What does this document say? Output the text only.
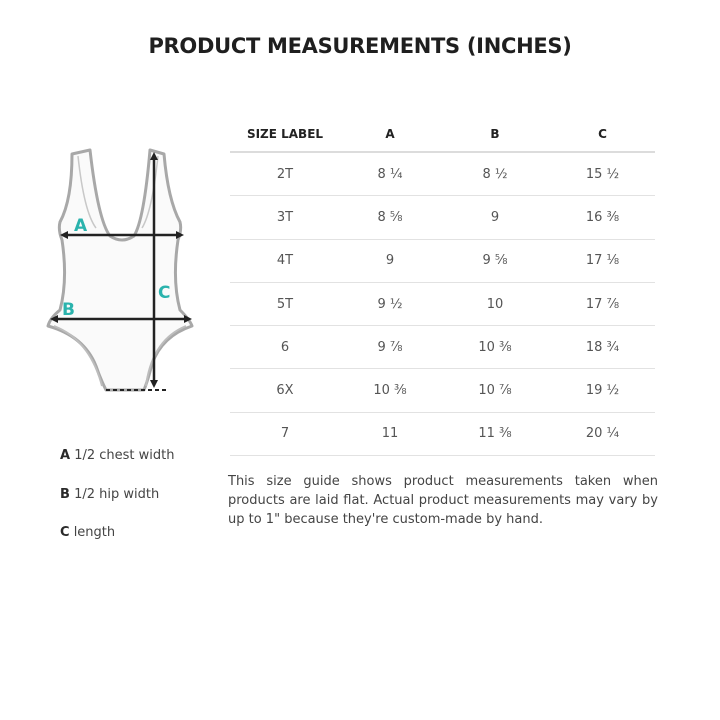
PRODUCT MEASUREMENTS (INCHES)
A
B
C
A 1/2 chest width
B 1/2 hip width
C length
SIZE LABEL	A	B	C
2T	8 ¼	8 ½	15 ½
3T	8 ⅝	9	16 ⅜
4T	9	9 ⅝	17 ⅛
5T	9 ½	10	17 ⅞
6	9 ⅞	10 ⅜	18 ¾
6X	10 ⅜	10 ⅞	19 ½
7	11	11 ⅜	20 ¼
This size guide shows product measurements taken when products are laid flat. Actual product measurements may vary by up to 1" because they're custom-made by hand.
